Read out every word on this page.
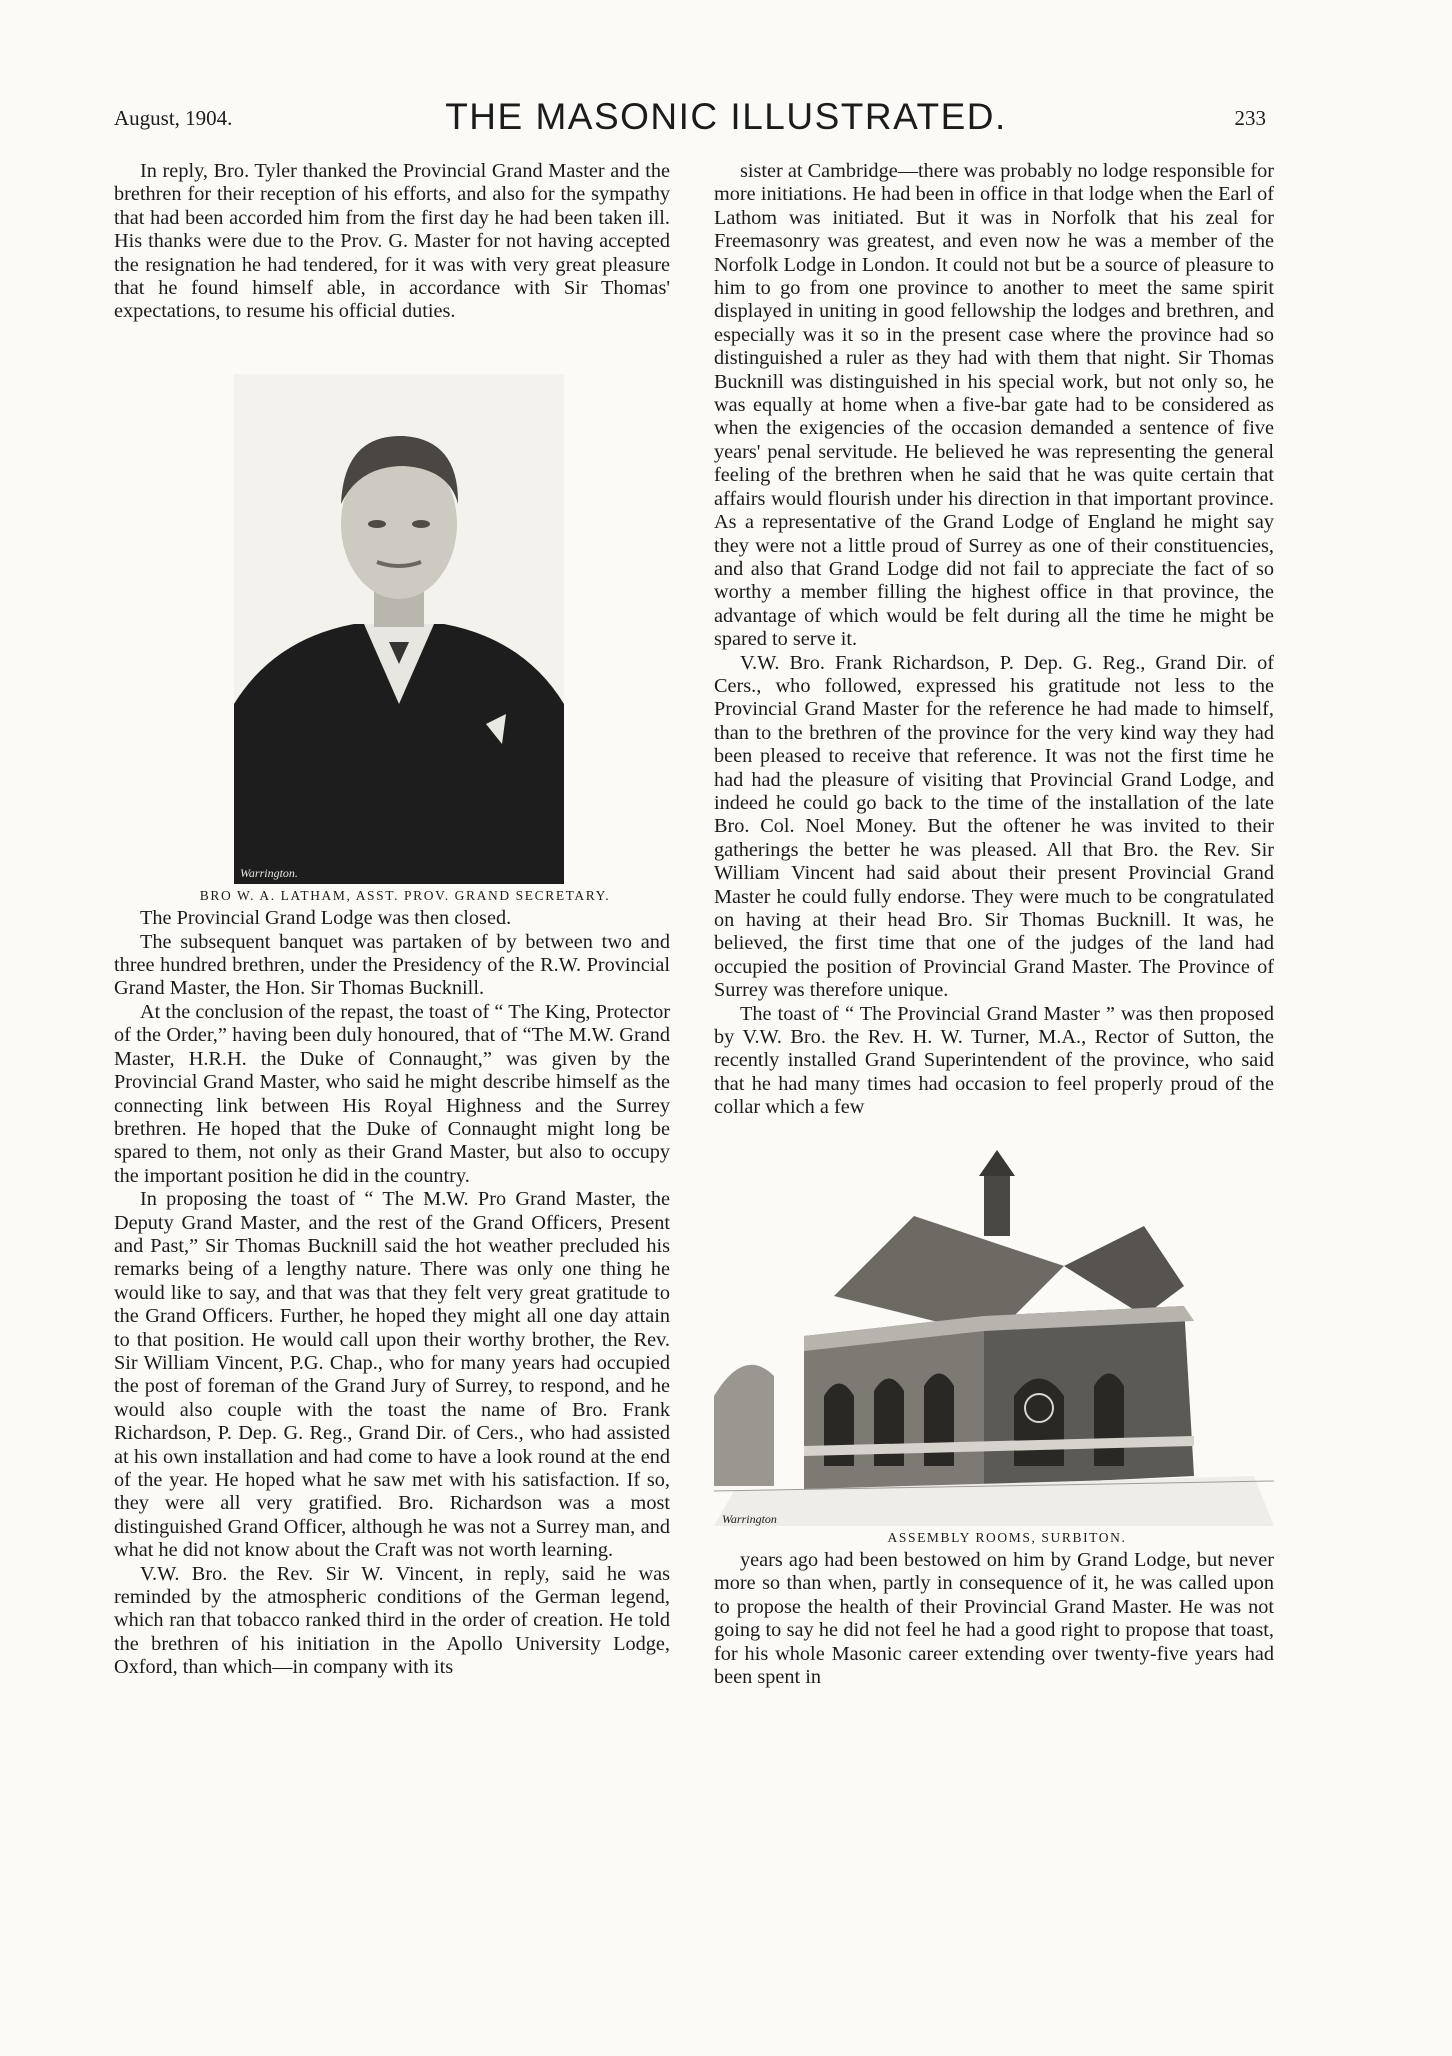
August, 1904.	THE MASONIC ILLUSTRATED.	233

In reply, Bro. Tyler thanked the Provincial Grand Master and the brethren for their reception of his efforts, and also for the sympathy that had been accorded him from the first day he had been taken ill. His thanks were due to the Prov. G. Master for not having accepted the resignation he had tendered, for it was with very great pleasure that he found himself able, in accordance with Sir Thomas' expectations, to resume his official duties.

Warrington.

BRO W. A. LATHAM, ASST. PROV. GRAND SECRETARY.

The Provincial Grand Lodge was then closed.

The subsequent banquet was partaken of by between two and three hundred brethren, under the Presidency of the R.W. Provincial Grand Master, the Hon. Sir Thomas Bucknill.

At the conclusion of the repast, the toast of “ The King, Protector of the Order,” having been duly honoured, that of “The M.W. Grand Master, H.R.H. the Duke of Connaught,” was given by the Provincial Grand Master, who said he might describe himself as the connecting link between His Royal Highness and the Surrey brethren. He hoped that the Duke of Connaught might long be spared to them, not only as their Grand Master, but also to occupy the important position he did in the country.

In proposing the toast of “ The M.W. Pro Grand Master, the Deputy Grand Master, and the rest of the Grand Officers, Present and Past,” Sir Thomas Bucknill said the hot weather precluded his remarks being of a lengthy nature. There was only one thing he would like to say, and that was that they felt very great gratitude to the Grand Officers. Further, he hoped they might all one day attain to that position. He would call upon their worthy brother, the Rev. Sir William Vincent, P.G. Chap., who for many years had occupied the post of foreman of the Grand Jury of Surrey, to respond, and he would also couple with the toast the name of Bro. Frank Richardson, P. Dep. G. Reg., Grand Dir. of Cers., who had assisted at his own installation and had come to have a look round at the end of the year. He hoped what he saw met with his satisfaction. If so, they were all very gratified. Bro. Richardson was a most distinguished Grand Officer, although he was not a Surrey man, and what he did not know about the Craft was not worth learning.

V.W. Bro. the Rev. Sir W. Vincent, in reply, said he was reminded by the atmospheric conditions of the German legend, which ran that tobacco ranked third in the order of creation. He told the brethren of his initiation in the Apollo University Lodge, Oxford, than which—in company with its

sister at Cambridge—there was probably no lodge responsible for more initiations. He had been in office in that lodge when the Earl of Lathom was initiated. But it was in Norfolk that his zeal for Freemasonry was greatest, and even now he was a member of the Norfolk Lodge in London. It could not but be a source of pleasure to him to go from one province to another to meet the same spirit displayed in uniting in good fellowship the lodges and brethren, and especially was it so in the present case where the province had so distinguished a ruler as they had with them that night. Sir Thomas Bucknill was distinguished in his special work, but not only so, he was equally at home when a five-bar gate had to be considered as when the exigencies of the occasion demanded a sentence of five years' penal servitude. He believed he was representing the general feeling of the brethren when he said that he was quite certain that affairs would flourish under his direction in that important province. As a representative of the Grand Lodge of England he might say they were not a little proud of Surrey as one of their constituencies, and also that Grand Lodge did not fail to appreciate the fact of so worthy a member filling the highest office in that province, the advantage of which would be felt during all the time he might be spared to serve it.

V.W. Bro. Frank Richardson, P. Dep. G. Reg., Grand Dir. of Cers., who followed, expressed his gratitude not less to the Provincial Grand Master for the reference he had made to himself, than to the brethren of the province for the very kind way they had been pleased to receive that reference. It was not the first time he had had the pleasure of visiting that Provincial Grand Lodge, and indeed he could go back to the time of the installation of the late Bro. Col. Noel Money. But the oftener he was invited to their gatherings the better he was pleased. All that Bro. the Rev. Sir William Vincent had said about their present Provincial Grand Master he could fully endorse. They were much to be congratulated on having at their head Bro. Sir Thomas Bucknill. It was, he believed, the first time that one of the judges of the land had occupied the position of Provincial Grand Master. The Province of Surrey was therefore unique.

The toast of “ The Provincial Grand Master ” was then proposed by V.W. Bro. the Rev. H. W. Turner, M.A., Rector of Sutton, the recently installed Grand Superintendent of the province, who said that he had many times had occasion to feel properly proud of the collar which a few

Warrington

ASSEMBLY ROOMS, SURBITON.

years ago had been bestowed on him by Grand Lodge, but never more so than when, partly in consequence of it, he was called upon to propose the health of their Provincial Grand Master. He was not going to say he did not feel he had a good right to propose that toast, for his whole Masonic career extending over twenty-five years had been spent in
